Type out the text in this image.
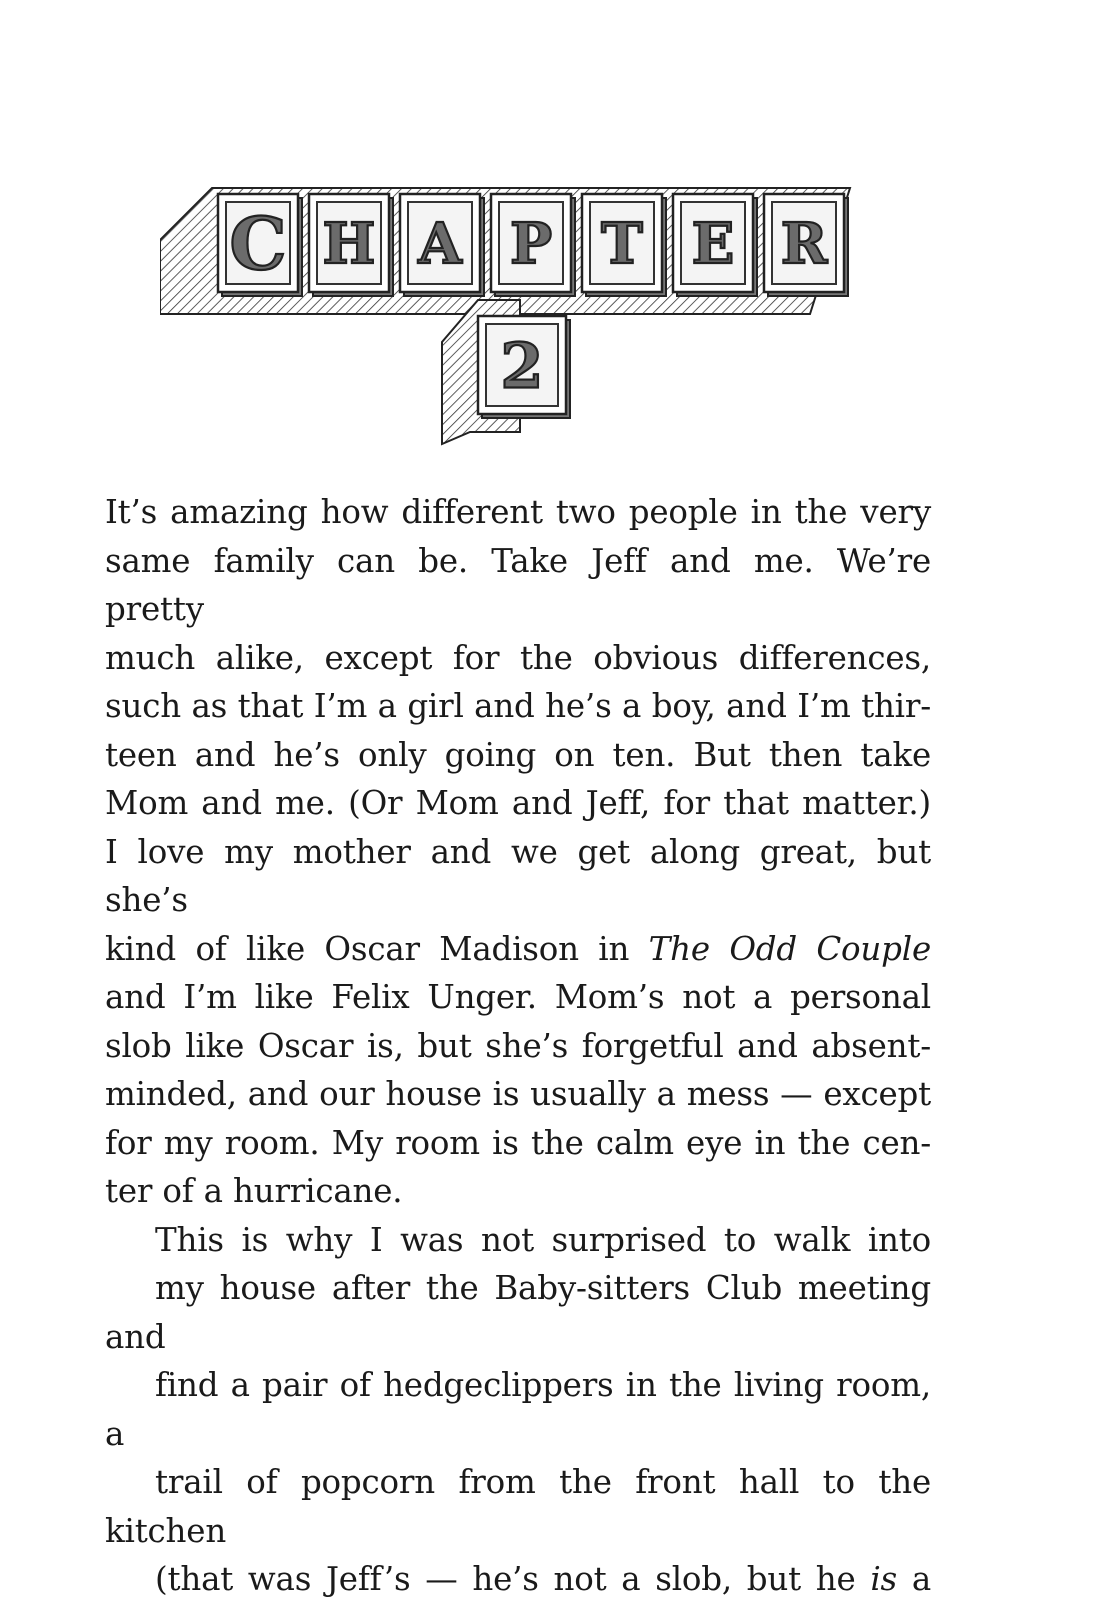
C H A P T E R
2

It’s amazing how different two people in the very
same family can be. Take Jeff and me. We’re pretty
much alike, except for the obvious differences,
such as that I’m a girl and he’s a boy, and I’m thir-
teen and he’s only going on ten. But then take
Mom and me. (Or Mom and Jeff, for that matter.)
I love my mother and we get along great, but she’s
kind of like Oscar Madison in The Odd Couple
and I’m like Felix Unger. Mom’s not a personal
slob like Oscar is, but she’s forgetful and absent-
minded, and our house is usually a mess — except
for my room. My room is the calm eye in the cen-
ter of a hurricane.

This is why I was not surprised to walk into
my house after the Baby-sitters Club meeting and
find a pair of hedgeclippers in the living room, a
trail of popcorn from the front hall to the kitchen
(that was Jeff’s — he’s not a slob, but he is a
